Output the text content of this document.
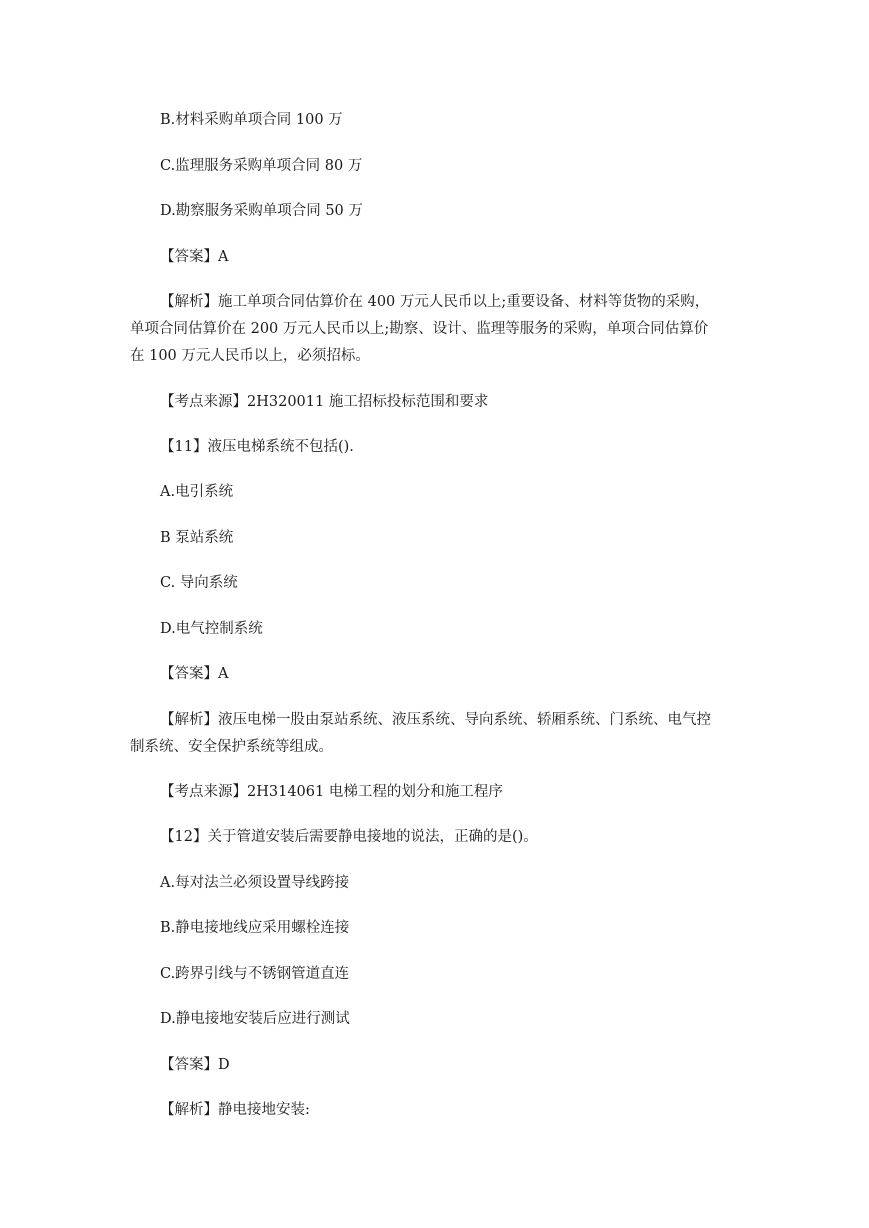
B.材料采购单项合同 100 万

C.监理服务采购单项合同 80 万

D.勘察服务采购单项合同 50 万

【答案】A

【解析】施工单项合同估算价在 400 万元人民币以上;重要设备、材料等货物的采购，

单项合同估算价在 200 万元人民币以上;勘察、设计、监理等服务的采购，单项合同估算价

在 100 万元人民币以上，必须招标。

【考点来源】2H320011 施工招标投标范围和要求

【11】液压电梯系统不包括().

A.电引系统

B 泵站系统

C. 导向系统

D.电气控制系统

【答案】A

【解析】液压电梯一股由泵站系统、液压系统、导向系统、轿厢系统、门系统、电气控

制系统、安全保护系统等组成。

【考点来源】2H314061 电梯工程的划分和施工程序

【12】关于管道安装后需要静电接地的说法，正确的是()。

A.每对法兰必须设置导线跨接

B.静电接地线应采用螺栓连接

C.跨界引线与不锈钢管道直连

D.静电接地安装后应进行测试

【答案】D

【解析】静电接地安装:
